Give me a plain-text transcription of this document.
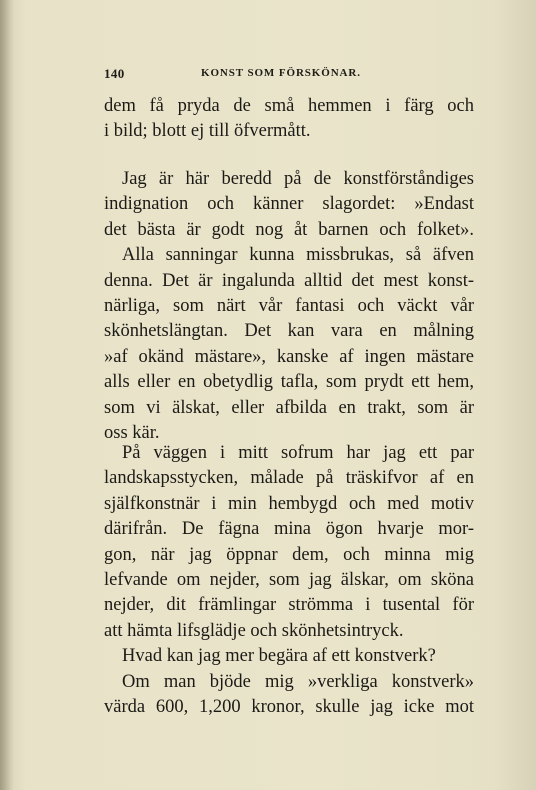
140	KONST SOM FÖRSKÖNAR.
dem få pryda de små hemmen i färg och
i bild; blott ej till öfvermått.
Jag är här beredd på de konstförståndiges
indignation och känner slagordet: »Endast
det bästa är godt nog åt barnen och folket».
Alla sanningar kunna missbrukas, så äfven
denna. Det är ingalunda alltid det mest konst-
närliga, som närt vår fantasi och väckt vår
skönhetslängtan. Det kan vara en målning
»af okänd mästare», kanske af ingen mästare
alls eller en obetydlig tafla, som prydt ett hem,
som vi älskat, eller afbilda en trakt, som är
oss kär.
På väggen i mitt sofrum har jag ett par
landskapsstycken, målade på träskifvor af en
själfkonstnär i min hembygd och med motiv
därifrån. De fägna mina ögon hvarje mor-
gon, när jag öppnar dem, och minna mig
lefvande om nejder, som jag älskar, om sköna
nejder, dit främlingar strömma i tusental för
att hämta lifsglädje och skönhetsintryck.
Hvad kan jag mer begära af ett konstverk?
Om man bjöde mig »verkliga konstverk»
värda 600, 1,200 kronor, skulle jag icke mot
